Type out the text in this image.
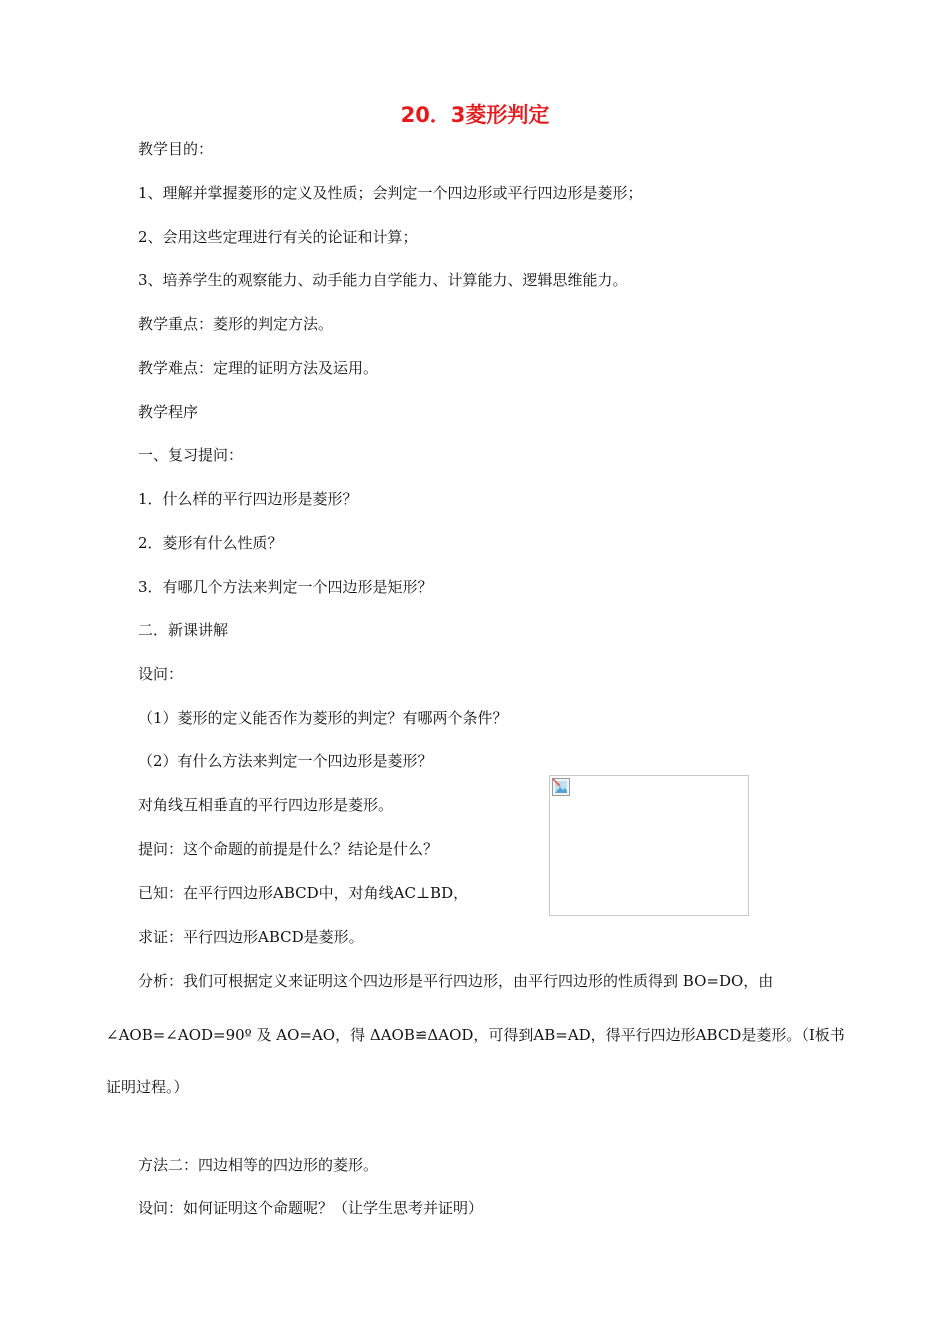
20．3菱形判定
教学目的：
1、理解并掌握菱形的定义及性质；会判定一个四边形或平行四边形是菱形；
2、会用这些定理进行有关的论证和计算；
3、培养学生的观察能力、动手能力自学能力、计算能力、逻辑思维能力。
教学重点：菱形的判定方法。
教学难点：定理的证明方法及运用。
教学程序
一、复习提问：
1．什么样的平行四边形是菱形？
2．菱形有什么性质？
3．有哪几个方法来判定一个四边形是矩形？
二．新课讲解
设问：
（1）菱形的定义能否作为菱形的判定？有哪两个条件？
（2）有什么方法来判定一个四边形是菱形？
对角线互相垂直的平行四边形是菱形。
提问：这个命题的前提是什么？结论是什么？
已知：在平行四边形ABCD中，对角线AC⊥BD，
求证：平行四边形ABCD是菱形。
分析：我们可根据定义来证明这个四边形是平行四边形，由平行四边形的性质得到 BO=DO，由
∠AOB=∠AOD=90º 及 AO=AO，得 ΔAOB≌ΔAOD，可得到AB=AD，得平行四边形ABCD是菱形。（I板书
证明过程。）
方法二：四边相等的四边形的菱形。
设问：如何证明这个命题呢？（让学生思考并证明）
